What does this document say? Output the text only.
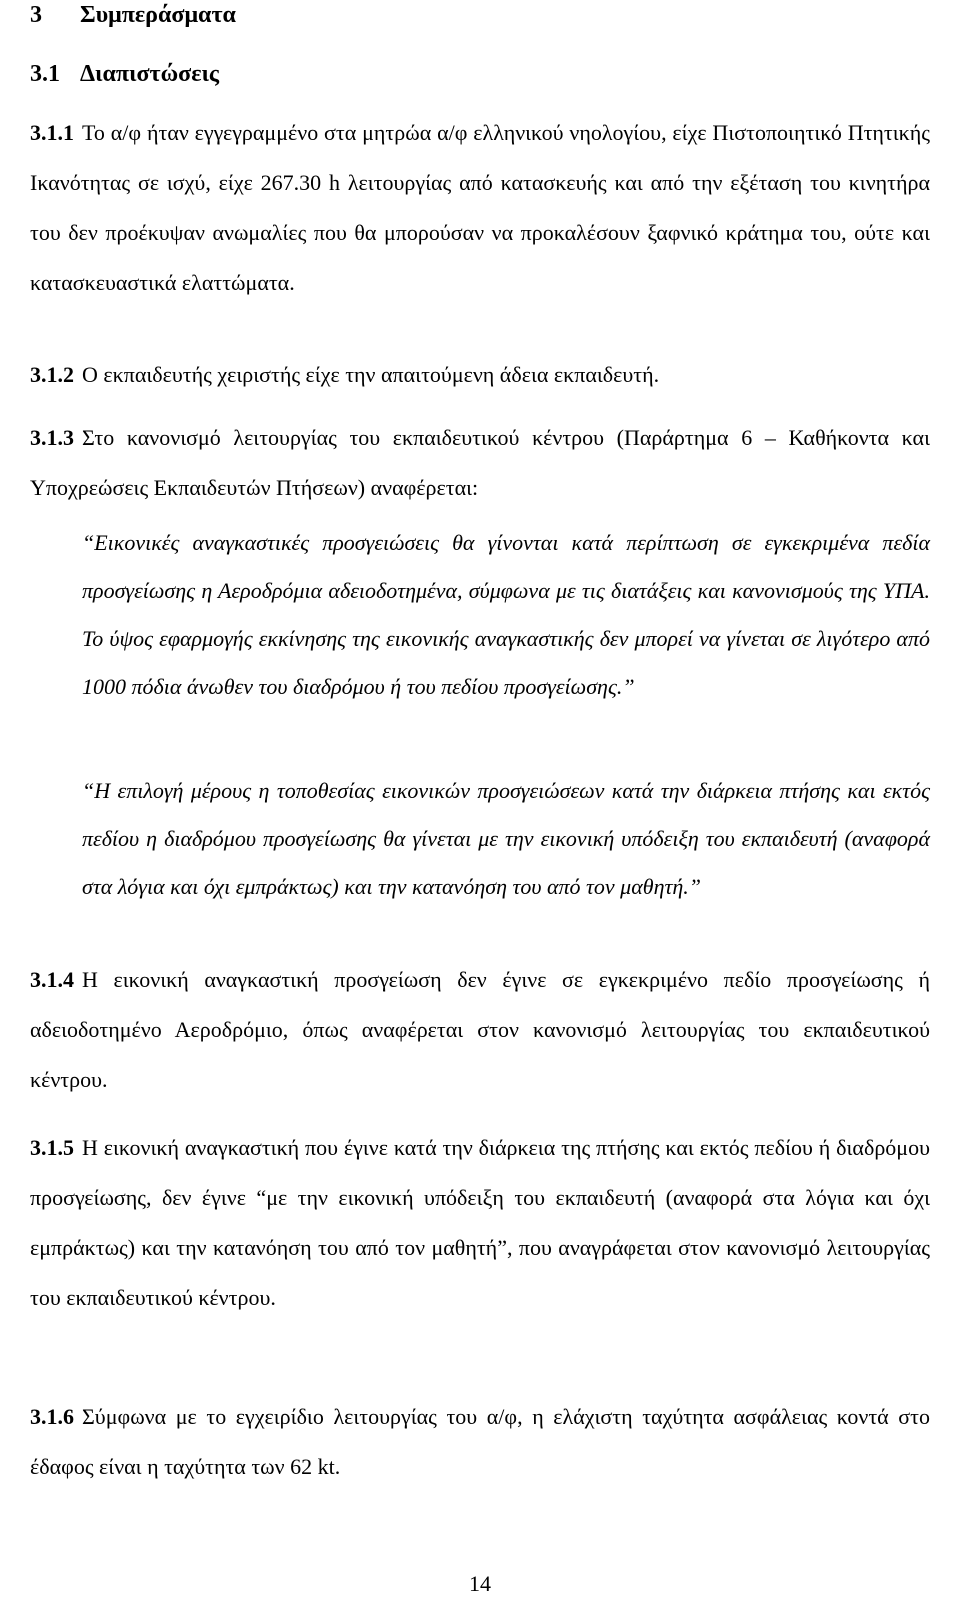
3 Συμπεράσματα
3.1 Διαπιστώσεις
3.1.1 Το α/φ ήταν εγγεγραμμένο στα μητρώα α/φ ελληνικού νηολογίου, είχε Πιστοποιητικό Πτητικής Ικανότητας σε ισχύ, είχε 267.30 h λειτουργίας από κατασκευής και από την εξέταση του κινητήρα του δεν προέκυψαν ανωμαλίες που θα μπορούσαν να προκαλέσουν ξαφνικό κράτημα του, ούτε και κατασκευαστικά ελαττώματα.
3.1.2 Ο εκπαιδευτής χειριστής είχε την απαιτούμενη άδεια εκπαιδευτή.
3.1.3 Στο κανονισμό λειτουργίας του εκπαιδευτικού κέντρου (Παράρτημα 6 – Καθήκοντα και Υποχρεώσεις Εκπαιδευτών Πτήσεων) αναφέρεται:
“Εικονικές αναγκαστικές προσγειώσεις θα γίνονται κατά περίπτωση σε εγκεκριμένα πεδία προσγείωσης η Αεροδρόμια αδειοδοτημένα, σύμφωνα με τις διατάξεις και κανονισμούς της ΥΠΑ. Το ύψος εφαρμογής εκκίνησης της εικονικής αναγκαστικής δεν μπορεί να γίνεται σε λιγότερο από 1000 πόδια άνωθεν του διαδρόμου ή του πεδίου προσγείωσης.”
“Η επιλογή μέρους η τοποθεσίας εικονικών προσγειώσεων κατά την διάρκεια πτήσης και εκτός πεδίου η διαδρόμου προσγείωσης θα γίνεται με την εικονική υπόδειξη του εκπαιδευτή (αναφορά στα λόγια και όχι εμπράκτως) και την κατανόηση του από τον μαθητή.”
3.1.4 Η εικονική αναγκαστική προσγείωση δεν έγινε σε εγκεκριμένο πεδίο προσγείωσης ή αδειοδοτημένο Αεροδρόμιο, όπως αναφέρεται στον κανονισμό λειτουργίας του εκπαιδευτικού κέντρου.
3.1.5 Η εικονική αναγκαστική που έγινε κατά την διάρκεια της πτήσης και εκτός πεδίου ή διαδρόμου προσγείωσης, δεν έγινε “με την εικονική υπόδειξη του εκπαιδευτή (αναφορά στα λόγια και όχι εμπράκτως) και την κατανόηση του από τον μαθητή”, που αναγράφεται στον κανονισμό λειτουργίας του εκπαιδευτικού κέντρου.
3.1.6 Σύμφωνα με το εγχειρίδιο λειτουργίας του α/φ, η ελάχιστη ταχύτητα ασφάλειας κοντά στο έδαφος είναι η ταχύτητα των 62 kt.
14
